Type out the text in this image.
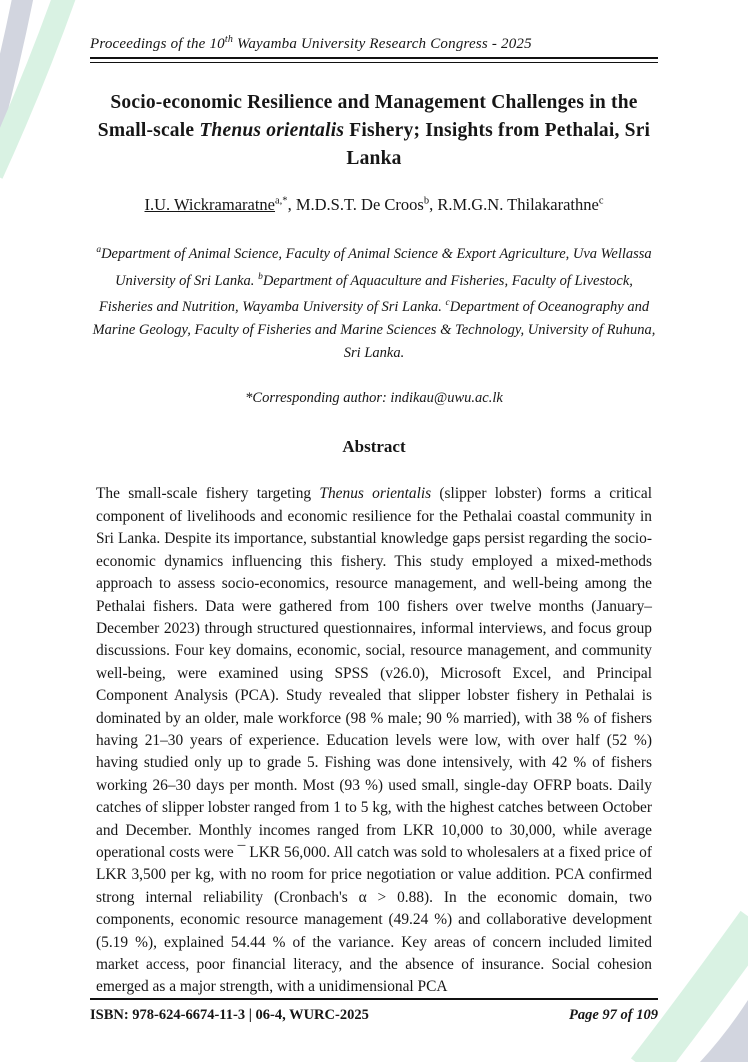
Proceedings of the 10th Wayamba University Research Congress - 2025
Socio-economic Resilience and Management Challenges in the Small-scale Thenus orientalis Fishery; Insights from Pethalai, Sri Lanka
I.U. Wickramaratne$^{a,*}$, M.D.S.T. De Croos$^b$, R.M.G.N. Thilakarathne$^c$
$^a$Department of Animal Science, Faculty of Animal Science & Export Agriculture, Uva Wellassa University of Sri Lanka. $^b$Department of Aquaculture and Fisheries, Faculty of Livestock, Fisheries and Nutrition, Wayamba University of Sri Lanka. $^c$Department of Oceanography and Marine Geology, Faculty of Fisheries and Marine Sciences & Technology, University of Ruhuna, Sri Lanka.
*Corresponding author: indikau@uwu.ac.lk
Abstract
The small-scale fishery targeting Thenus orientalis (slipper lobster) forms a critical component of livelihoods and economic resilience for the Pethalai coastal community in Sri Lanka. Despite its importance, substantial knowledge gaps persist regarding the socio-economic dynamics influencing this fishery. This study employed a mixed-methods approach to assess socio-economics, resource management, and well-being among the Pethalai fishers. Data were gathered from 100 fishers over twelve months (January–December 2023) through structured questionnaires, informal interviews, and focus group discussions. Four key domains, economic, social, resource management, and community well-being, were examined using SPSS (v26.0), Microsoft Excel, and Principal Component Analysis (PCA). Study revealed that slipper lobster fishery in Pethalai is dominated by an older, male workforce (98 % male; 90 % married), with 38 % of fishers having 21–30 years of experience. Education levels were low, with over half (52 %) having studied only up to grade 5. Fishing was done intensively, with 42 % of fishers working 26–30 days per month. Most (93 %) used small, single-day OFRP boats. Daily catches of slipper lobster ranged from 1 to 5 kg, with the highest catches between October and December. Monthly incomes ranged from LKR 10,000 to 30,000, while average operational costs were ¯ LKR 56,000. All catch was sold to wholesalers at a fixed price of LKR 3,500 per kg, with no room for price negotiation or value addition. PCA confirmed strong internal reliability (Cronbach's α > 0.88). In the economic domain, two components, economic resource management (49.24 %) and collaborative development (5.19 %), explained 54.44 % of the variance. Key areas of concern included limited market access, poor financial literacy, and the absence of insurance. Social cohesion emerged as a major strength, with a unidimensional PCA
ISBN: 978-624-6674-11-3 | 06-4, WURC-2025	Page 97 of 109
